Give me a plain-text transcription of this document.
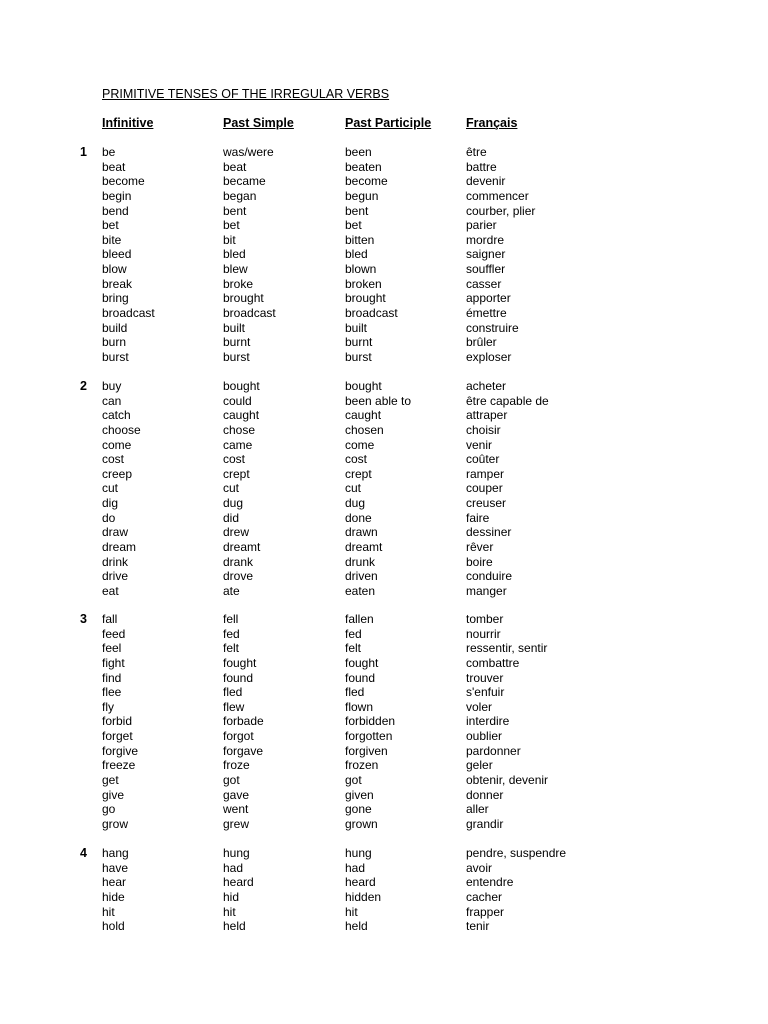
PRIMITIVE TENSES OF THE IRREGULAR VERBS
Infinitive	Past Simple	Past Participle	Français
1 be	was/were	been	être
beat	beat	beaten	battre
become	became	become	devenir
begin	began	begun	commencer
bend	bent	bent	courber, plier
bet	bet	bet	parier
bite	bit	bitten	mordre
bleed	bled	bled	saigner
blow	blew	blown	souffler
break	broke	broken	casser
bring	brought	brought	apporter
broadcast	broadcast	broadcast	émettre
build	built	built	construire
burn	burnt	burnt	brûler
burst	burst	burst	exploser
2 buy	bought	bought	acheter
can	could	been able to	être capable de
catch	caught	caught	attraper
choose	chose	chosen	choisir
come	came	come	venir
cost	cost	cost	coûter
creep	crept	crept	ramper
cut	cut	cut	couper
dig	dug	dug	creuser
do	did	done	faire
draw	drew	drawn	dessiner
dream	dreamt	dreamt	rêver
drink	drank	drunk	boire
drive	drove	driven	conduire
eat	ate	eaten	manger
3 fall	fell	fallen	tomber
feed	fed	fed	nourrir
feel	felt	felt	ressentir, sentir
fight	fought	fought	combattre
find	found	found	trouver
flee	fled	fled	s'enfuir
fly	flew	flown	voler
forbid	forbade	forbidden	interdire
forget	forgot	forgotten	oublier
forgive	forgave	forgiven	pardonner
freeze	froze	frozen	geler
get	got	got	obtenir, devenir
give	gave	given	donner
go	went	gone	aller
grow	grew	grown	grandir
4 hang	hung	hung	pendre, suspendre
have	had	had	avoir
hear	heard	heard	entendre
hide	hid	hidden	cacher
hit	hit	hit	frapper
hold	held	held	tenir
